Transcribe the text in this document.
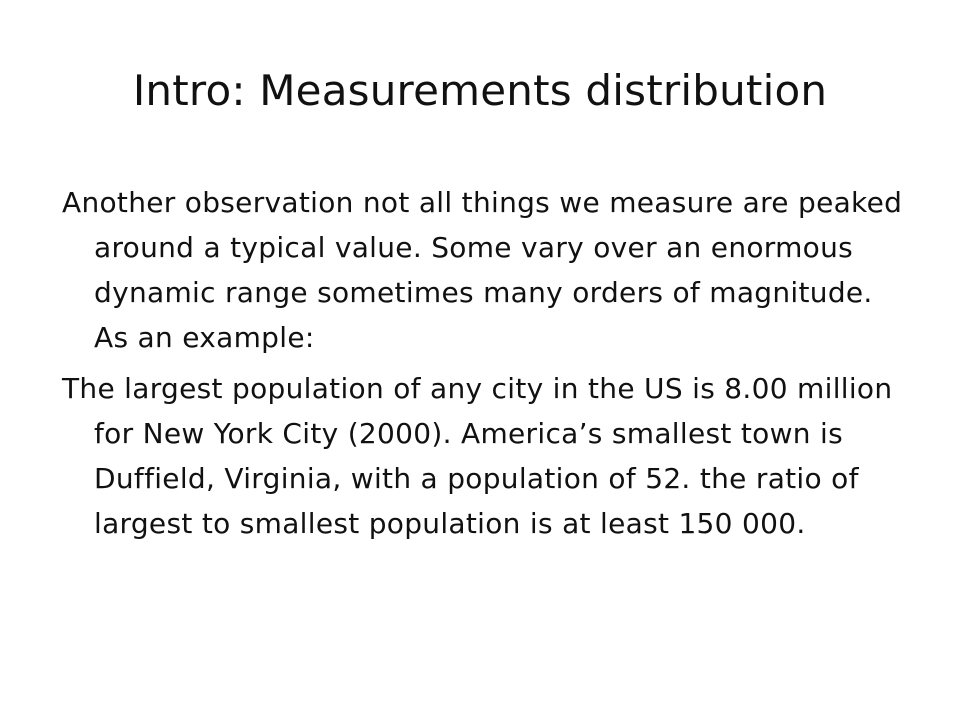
Intro: Measurements distribution

Another observation not all things we measure are peaked around a typical value. Some vary over an enormous dynamic range sometimes many orders of magnitude. As an example:

The largest population of any city in the US is 8.00 million for New York City (2000). America’s smallest town is Duffield, Virginia, with a population of 52. the ratio of largest to smallest population is at least 150 000.
